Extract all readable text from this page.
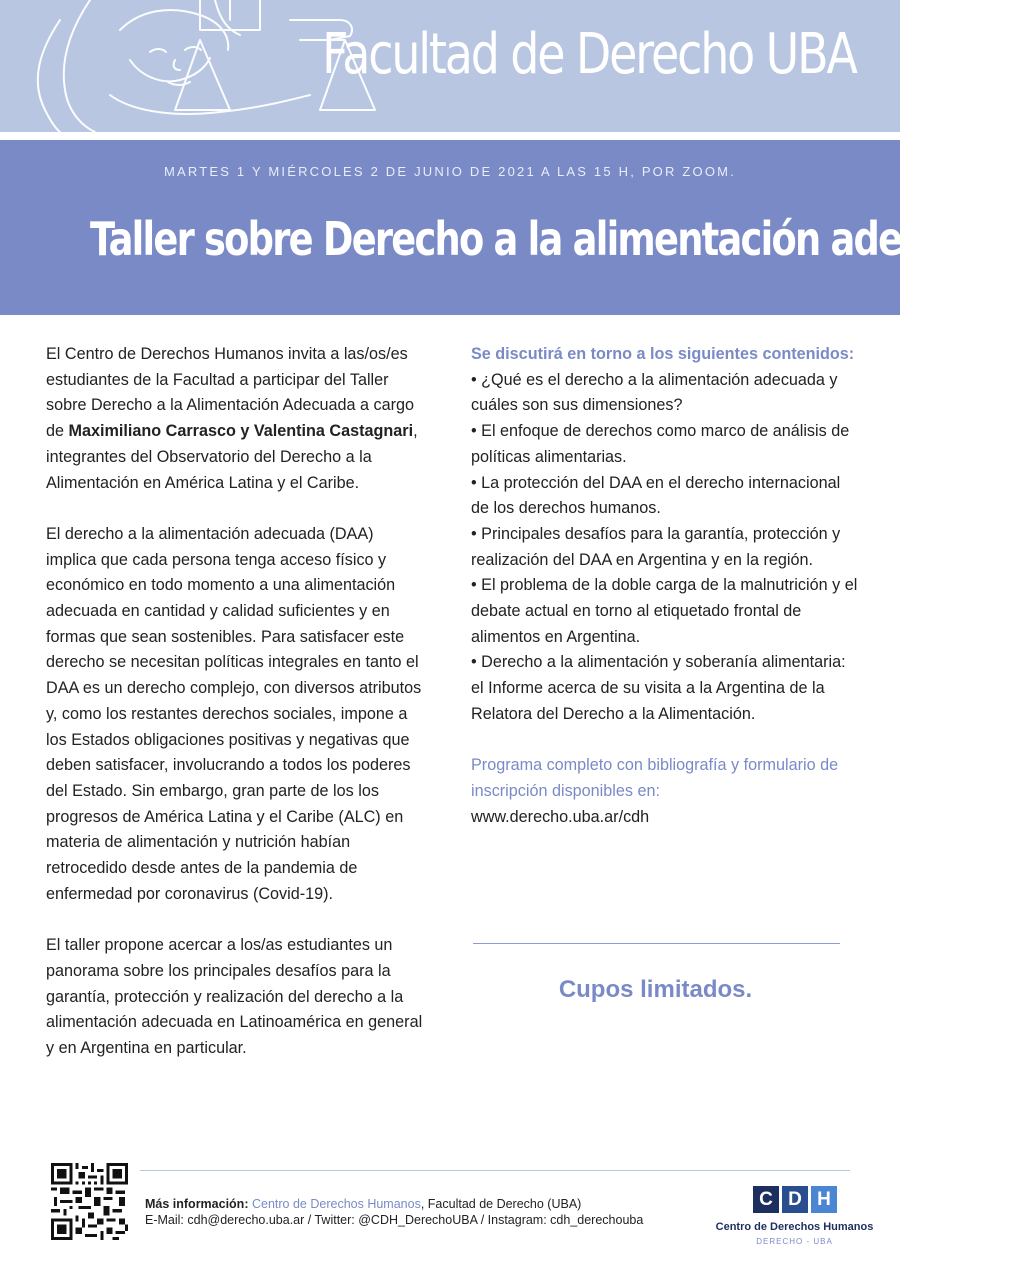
Facultad de Derecho UBA
MARTES 1 Y MIÉRCOLES 2 DE JUNIO DE 2021 A LAS 15 H, POR ZOOM.
Taller sobre Derecho a la alimentación adecuada

El Centro de Derechos Humanos invita a las/os/es estudiantes de la Facultad a participar del Taller sobre Derecho a la Alimentación Adecuada a cargo de Maximiliano Carrasco y Valentina Castagnari, integrantes del Observatorio del Derecho a la Alimentación en América Latina y el Caribe.

El derecho a la alimentación adecuada (DAA) implica que cada persona tenga acceso físico y económico en todo momento a una alimentación adecuada en cantidad y calidad suficientes y en formas que sean sostenibles. Para satisfacer este derecho se necesitan políticas integrales en tanto el DAA es un derecho complejo, con diversos atributos y, como los restantes derechos sociales, impone a los Estados obligaciones positivas y negativas que deben satisfacer, involucrando a todos los poderes del Estado. Sin embargo, gran parte de los los progresos de América Latina y el Caribe (ALC) en materia de alimentación y nutrición habían retrocedido desde antes de la pandemia de enfermedad por coronavirus (Covid-19).

El taller propone acercar a los/as estudiantes un panorama sobre los principales desafíos para la garantía, protección y realización del derecho a la alimentación adecuada en Latinoamérica en general y en Argentina en particular.

Se discutirá en torno a los siguientes contenidos:
• ¿Qué es el derecho a la alimentación adecuada y cuáles son sus dimensiones?
• El enfoque de derechos como marco de análisis de políticas alimentarias.
• La protección del DAA en el derecho internacional de los derechos humanos.
• Principales desafíos para la garantía, protección y realización del DAA en Argentina y en la región.
• El problema de la doble carga de la malnutrición y el debate actual en torno al etiquetado frontal de alimentos en Argentina.
• Derecho a la alimentación y soberanía alimentaria: el Informe acerca de su visita a la Argentina de la Relatora del Derecho a la Alimentación.
Programa completo con bibliografía y formulario de inscripción disponibles en:
www.derecho.uba.ar/cdh
Cupos limitados.
Más información: Centro de Derechos Humanos, Facultad de Derecho (UBA)
E-Mail: cdh@derecho.uba.ar / Twitter: @CDH_DerechoUBA / Instagram: cdh_derechouba
C D H
Centro de Derechos Humanos
DERECHO - UBA
